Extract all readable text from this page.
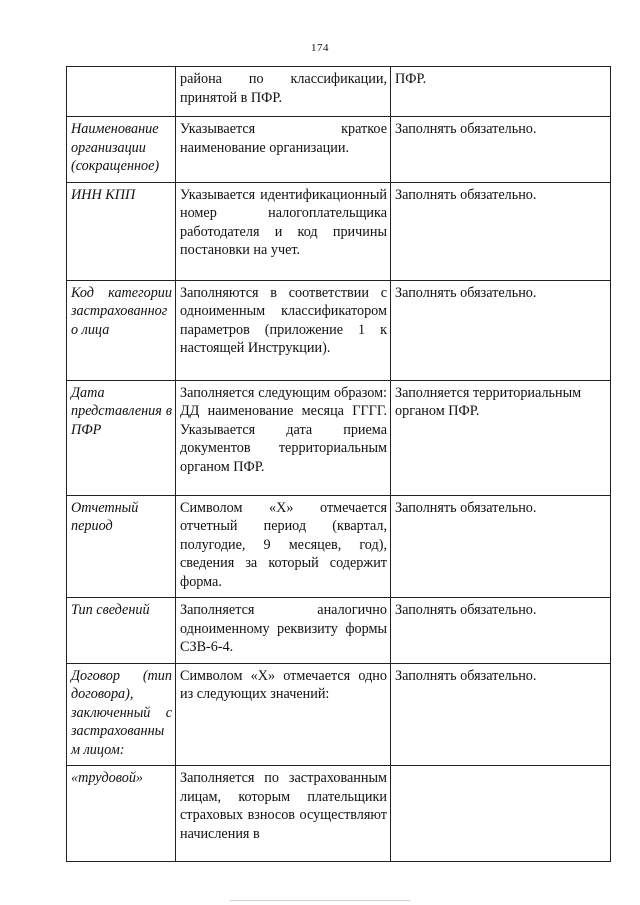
174
	района по классификации, принятой в ПФР.	ПФР.
Наименование организации (сокращенное)	Указывается краткое наименование организации.	Заполнять обязательно.
ИНН КПП	Указывается идентификационный номер налогоплательщика работодателя и код причины постановки на учет.	Заполнять обязательно.
Код категории застрахованног о лица	Заполняются в соответствии с одноименным классификатором параметров (приложение 1 к настоящей Инструкции).	Заполнять обязательно.
Дата представления в ПФР	Заполняется следующим образом: ДД наименование месяца ГГГГ. Указывается дата приема документов территориальным органом ПФР.	Заполняется территориальным органом ПФР.
Отчетный период	Символом «Х» отмечается отчетный период (квартал, полугодие, 9 месяцев, год), сведения за который содержит форма.	Заполнять обязательно.
Тип сведений	Заполняется аналогично одноименному реквизиту формы СЗВ-6-4.	Заполнять обязательно.
Договор (тип договора), заключенный с застрахованны м лицом:	Символом «Х» отмечается одно из следующих значений:	Заполнять обязательно.
«трудовой»	Заполняется по застрахованным лицам, которым плательщики страховых взносов осуществляют начисления в	
